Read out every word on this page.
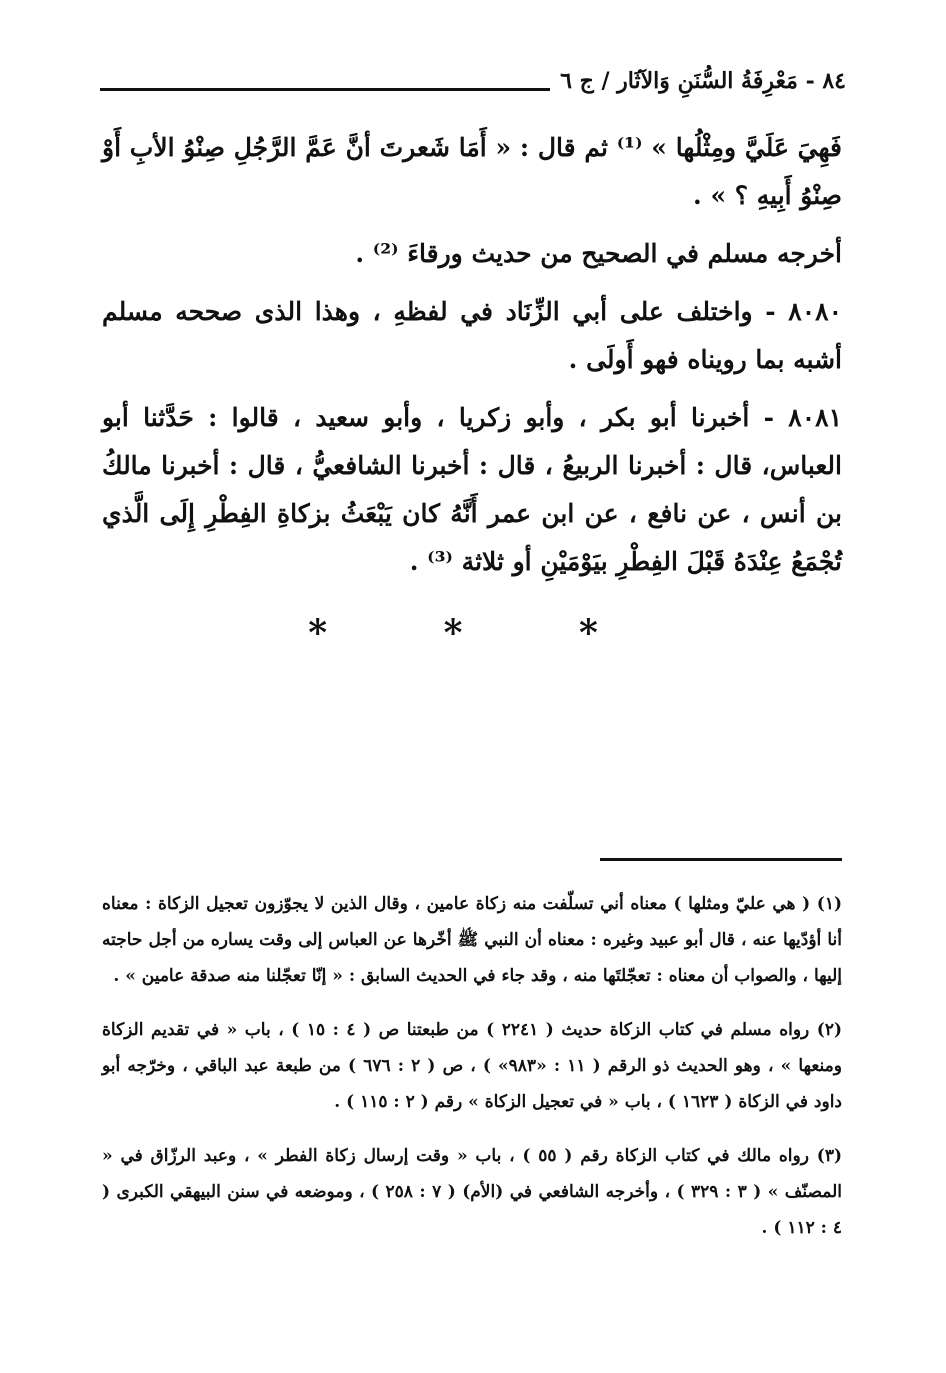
٨٤ - مَعْرِفَةُ السُّنَنِ وَالآثَار / ج ٦

فَهِيَ عَلَيَّ ومِثْلُها » ⁽¹⁾ ثم قال : « أَمَا شَعرتَ أنَّ عَمَّ الرَّجُلِ صِنْوُ الأبِ أَوْ صِنْوُ أَبِيهِ ؟ » .

أخرجه مسلم في الصحيح من حديث ورقاءَ ⁽²⁾ .

٨٠٨٠ - واختلف على أبي الزِّنَاد في لفظهِ ، وهذا الذى صححه مسلم أشبه بما رويناه فهو أَولَى .

٨٠٨١ - أخبرنا أبو بكر ، وأبو زكريا ، وأبو سعيد ، قالوا : حَدَّثنا أبو العباس، قال : أخبرنا الربيعُ ، قال : أخبرنا الشافعيُّ ، قال : أخبرنا مالكُ بن أنس ، عن نافع ، عن ابن عمر أَنَّهُ كان يَبْعَثُ بزكاةِ الفِطْرِ إِلَى الَّذي تُجْمَعُ عِنْدَهُ قَبْلَ الفِطْرِ بيَوْمَيْنِ أو ثلاثة ⁽³⁾ .

* * *

(١) ( هي عليّ ومثلها ) معناه أني تسلّفت منه زكاة عامين ، وقال الذين لا يجوّزون تعجيل الزكاة : معناه أنا أؤدّيها عنه ، قال أبو عبيد وغيره : معناه أن النبي ﷺ أخّرها عن العباس إلى وقت يساره من أجل حاجته إليها ، والصواب أن معناه : تعجّلتَها منه ، وقد جاء في الحديث السابق : « إنّا تعجّلنا منه صدقة عامين » .

(٢) رواه مسلم في كتاب الزكاة حديث ( ٢٢٤١ ) من طبعتنا ص ( ٤ : ١٥ ) ، باب « في تقديم الزكاة ومنعها » ، وهو الحديث ذو الرقم ( ١١ : «٩٨٣» ) ، ص ( ٢ : ٦٧٦ ) من طبعة عبد الباقي ، وخرّجه أبو داود في الزكاة ( ١٦٢٣ ) ، باب « في تعجيل الزكاة » رقم ( ٢ : ١١٥ ) .

(٣) رواه مالك في كتاب الزكاة رقم ( ٥٥ ) ، باب « وقت إرسال زكاة الفطر » ، وعبد الرزّاق في « المصنّف » ( ٣ : ٣٢٩ ) ، وأخرجه الشافعي في (الأم) ( ٧ : ٢٥٨ ) ، وموضعه في سنن البيهقي الكبرى ( ٤ : ١١٢ ) .
